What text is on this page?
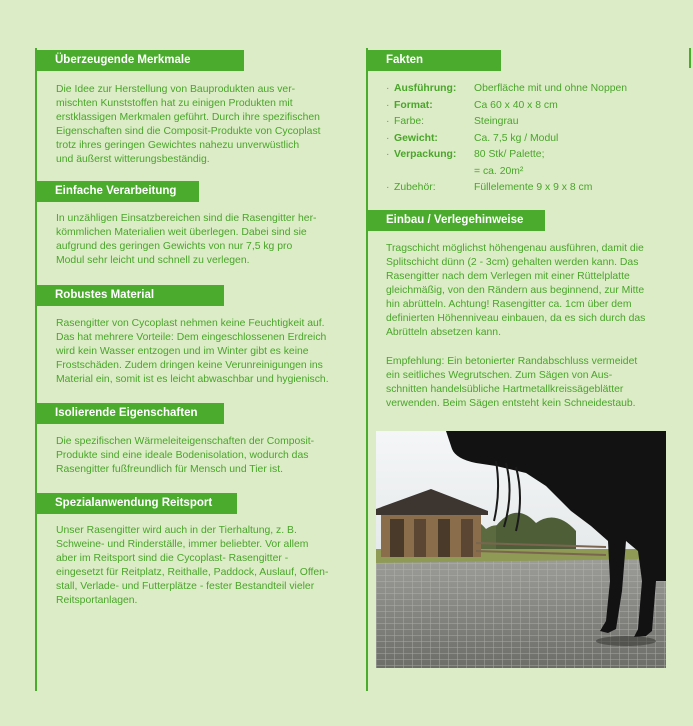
Überzeugende Merkmale
Die Idee zur Herstellung von Bauprodukten aus ver-
mischten Kunststoffen hat zu einigen Produkten mit
erstklassigen Merkmalen geführt. Durch ihre spezifischen
Eigenschaften sind die Composit-Produkte von Cycoplast
trotz ihres geringen Gewichtes nahezu unverwüstlich
und äußerst witterungsbeständig.
Einfache Verarbeitung
In unzähligen Einsatzbereichen sind die Rasengitter her-
kömmlichen Materialien weit überlegen. Dabei sind sie
aufgrund des geringen Gewichts von nur 7,5 kg pro
Modul sehr leicht und schnell zu verlegen.
Robustes Material
Rasengitter von Cycoplast nehmen keine Feuchtigkeit auf.
Das hat mehrere Vorteile: Dem eingeschlossenen Erdreich
wird kein Wasser entzogen und im Winter gibt es keine
Frostschäden. Zudem dringen keine Verunreinigungen ins
Material ein, somit ist es leicht abwaschbar und hygienisch.
Isolierende Eigenschaften
Die spezifischen Wärmeleiteigenschaften der Composit-
Produkte sind eine ideale Bodenisolation, wodurch das
Rasengitter fußfreundlich für Mensch und Tier ist.
Spezialanwendung Reitsport
Unser Rasengitter wird auch in der Tierhaltung, z. B.
Schweine- und Rinderställe, immer beliebter. Vor allem
aber im Reitsport sind die Cycoplast- Rasengitter -
eingesetzt für Reitplatz, Reithalle, Paddock, Auslauf, Offen-
stall, Verlade- und Futterplätze - fester Bestandteil vieler
Reitsportanlagen.
Fakten
· Ausführung: Oberfläche mit und ohne Noppen
· Format:	Ca 60 x 40 x 8 cm
· Farbe:	Steingrau
· Gewicht:	Ca. 7,5 kg / Modul
· Verpackung: 80 Stk/ Palette;
= ca. 20m²
· Zubehör:	Füllelemente 9 x 9 x 8 cm
Einbau / Verlegehinweise
Tragschicht möglichst höhengenau ausführen, damit die
Splitschicht dünn (2 - 3cm) gehalten werden kann. Das
Rasengitter nach dem Verlegen mit einer Rüttelplatte
gleichmäßig, von den Rändern aus beginnend, zur Mitte
hin abrütteln. Achtung! Rasengitter ca. 1cm über dem
definierten Höhenniveau einbauen, da es sich durch das
Abrütteln absetzen kann.
Empfehlung: Ein betonierter Randabschluss vermeidet
ein seitliches Wegrutschen. Zum Sägen von Aus-
schnitten handelsübliche Hartmetallkreissägeblätter
verwenden. Beim Sägen entsteht kein Schneidestaub.
